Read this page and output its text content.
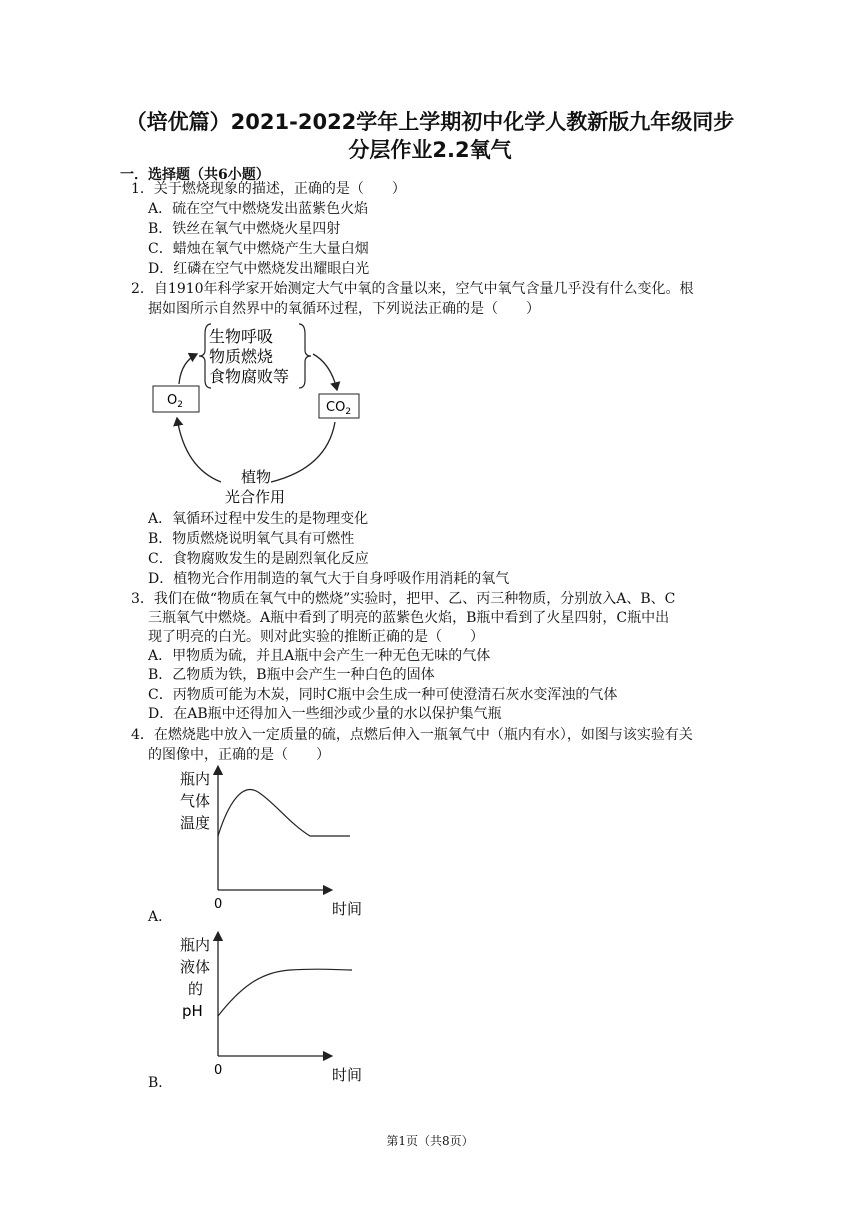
（培优篇）2021-2022学年上学期初中化学人教新版九年级同步
分层作业2.2氧气
一．选择题（共6小题）
1．关于燃烧现象的描述，正确的是（　　）
A．硫在空气中燃烧发出蓝紫色火焰
B．铁丝在氧气中燃烧火星四射
C．蜡烛在氧气中燃烧产生大量白烟
D．红磷在空气中燃烧发出耀眼白光
2．自1910年科学家开始测定大气中氧的含量以来，空气中氧气含量几乎没有什么变化。根
据如图所示自然界中的氧循环过程，下列说法正确的是（　　）
生物呼吸
物质燃烧
食物腐败等
$O_2$	$CO_2$
植物
光合作用
A．氧循环过程中发生的是物理变化
B．物质燃烧说明氧气具有可燃性
C．食物腐败发生的是剧烈氧化反应
D．植物光合作用制造的氧气大于自身呼吸作用消耗的氧气
3．我们在做“物质在氧气中的燃烧”实验时，把甲、乙、丙三种物质，分别放入A、B、C
三瓶氧气中燃烧。A瓶中看到了明亮的蓝紫色火焰，B瓶中看到了火星四射，C瓶中出
现了明亮的白光。则对此实验的推断正确的是（　　）
A．甲物质为硫，并且A瓶中会产生一种无色无味的气体
B．乙物质为铁，B瓶中会产生一种白色的固体
C．丙物质可能为木炭，同时C瓶中会生成一种可使澄清石灰水变浑浊的气体
D．在AB瓶中还得加入一些细沙或少量的水以保护集气瓶
4．在燃烧匙中放入一定质量的硫，点燃后伸入一瓶氧气中（瓶内有水），如图与该实验有关
的图像中，正确的是（　　）
瓶内
气体
温度
0	时间
A．
瓶内
液体
的
pH
0	时间
B．
第1页（共8页）
